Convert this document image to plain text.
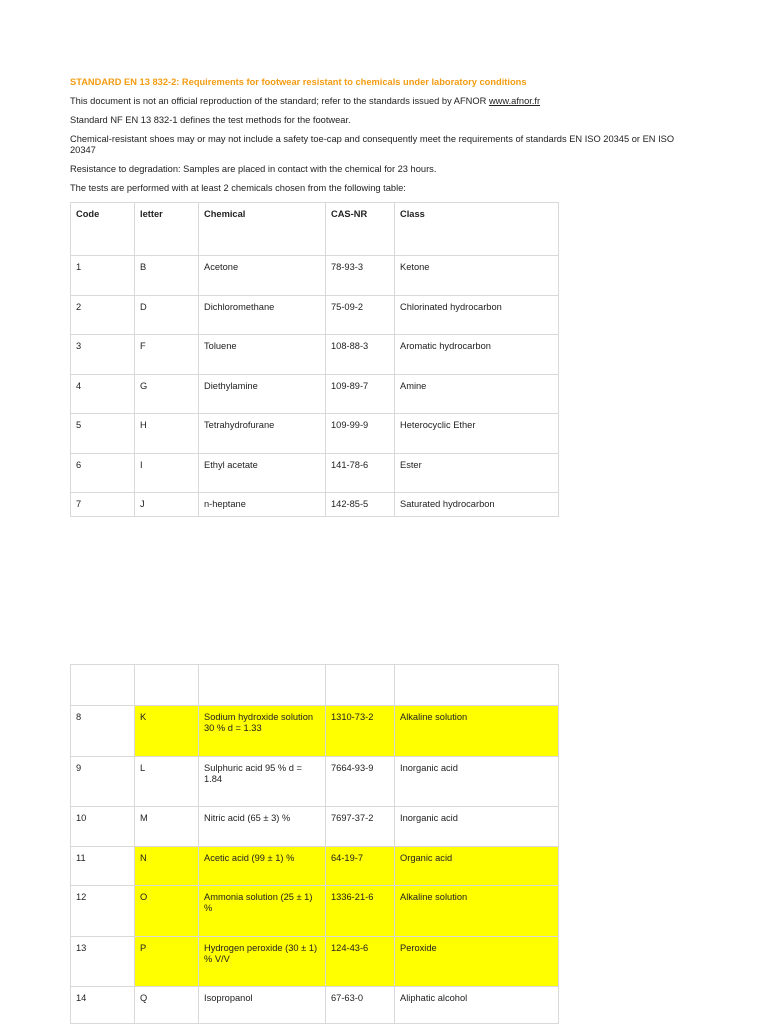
STANDARD EN 13 832-2: Requirements for footwear resistant to chemicals under laboratory conditions
This document is not an official reproduction of the standard; refer to the standards issued by AFNOR www.afnor.fr
Standard NF EN 13 832-1 defines the test methods for the footwear.
Chemical-resistant shoes may or may not include a safety toe-cap and consequently meet the requirements of standards EN ISO 20345 or EN ISO 20347
Resistance to degradation: Samples are placed in contact with the chemical for 23 hours.
The tests are performed with at least 2 chemicals chosen from the following table:
Code	letter	Chemical	CAS-NR	Class
1	B	Acetone	78-93-3	Ketone
2	D	Dichloromethane	75-09-2	Chlorinated hydrocarbon
3	F	Toluene	108-88-3	Aromatic hydrocarbon
4	G	Diethylamine	109-89-7	Amine
5	H	Tetrahydrofurane	109-99-9	Heterocyclic Ether
6	I	Ethyl acetate	141-78-6	Ester
7	J	n-heptane	142-85-5	Saturated hydrocarbon

8	K	Sodium hydroxide solution 30 % d = 1.33	1310-73-2	Alkaline solution
9	L	Sulphuric acid 95 % d = 1.84	7664-93-9	Inorganic acid
10	M	Nitric acid (65 ± 3) %	7697-37-2	Inorganic acid
11	N	Acetic acid (99 ± 1) %	64-19-7	Organic acid
12	O	Ammonia solution (25 ± 1) %	1336-21-6	Alkaline solution
13	P	Hydrogen peroxide (30 ± 1) % V/V	124-43-6	Peroxide
14	Q	Isopropanol	67-63-0	Aliphatic alcohol
